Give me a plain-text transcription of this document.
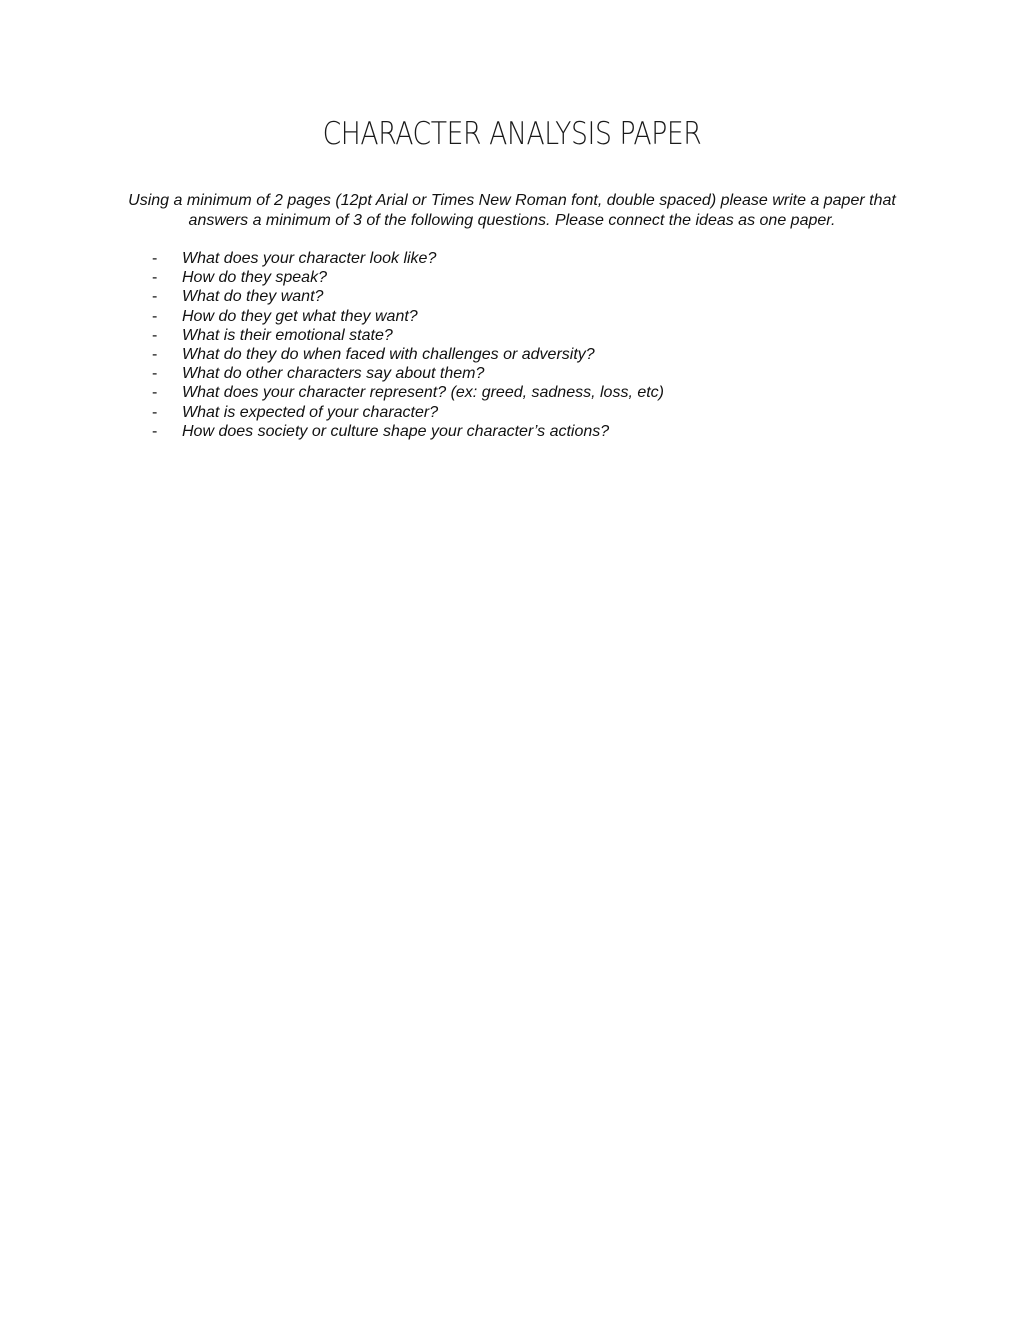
CHARACTER ANALYSIS PAPER

Using a minimum of 2 pages (12pt Arial or Times New Roman font, double spaced) please write a paper that answers a minimum of 3 of the following questions. Please connect the ideas as one paper.

- What does your character look like?
- How do they speak?
- What do they want?
- How do they get what they want?
- What is their emotional state?
- What do they do when faced with challenges or adversity?
- What do other characters say about them?
- What does your character represent? (ex: greed, sadness, loss, etc)
- What is expected of your character?
- How does society or culture shape your character’s actions?
